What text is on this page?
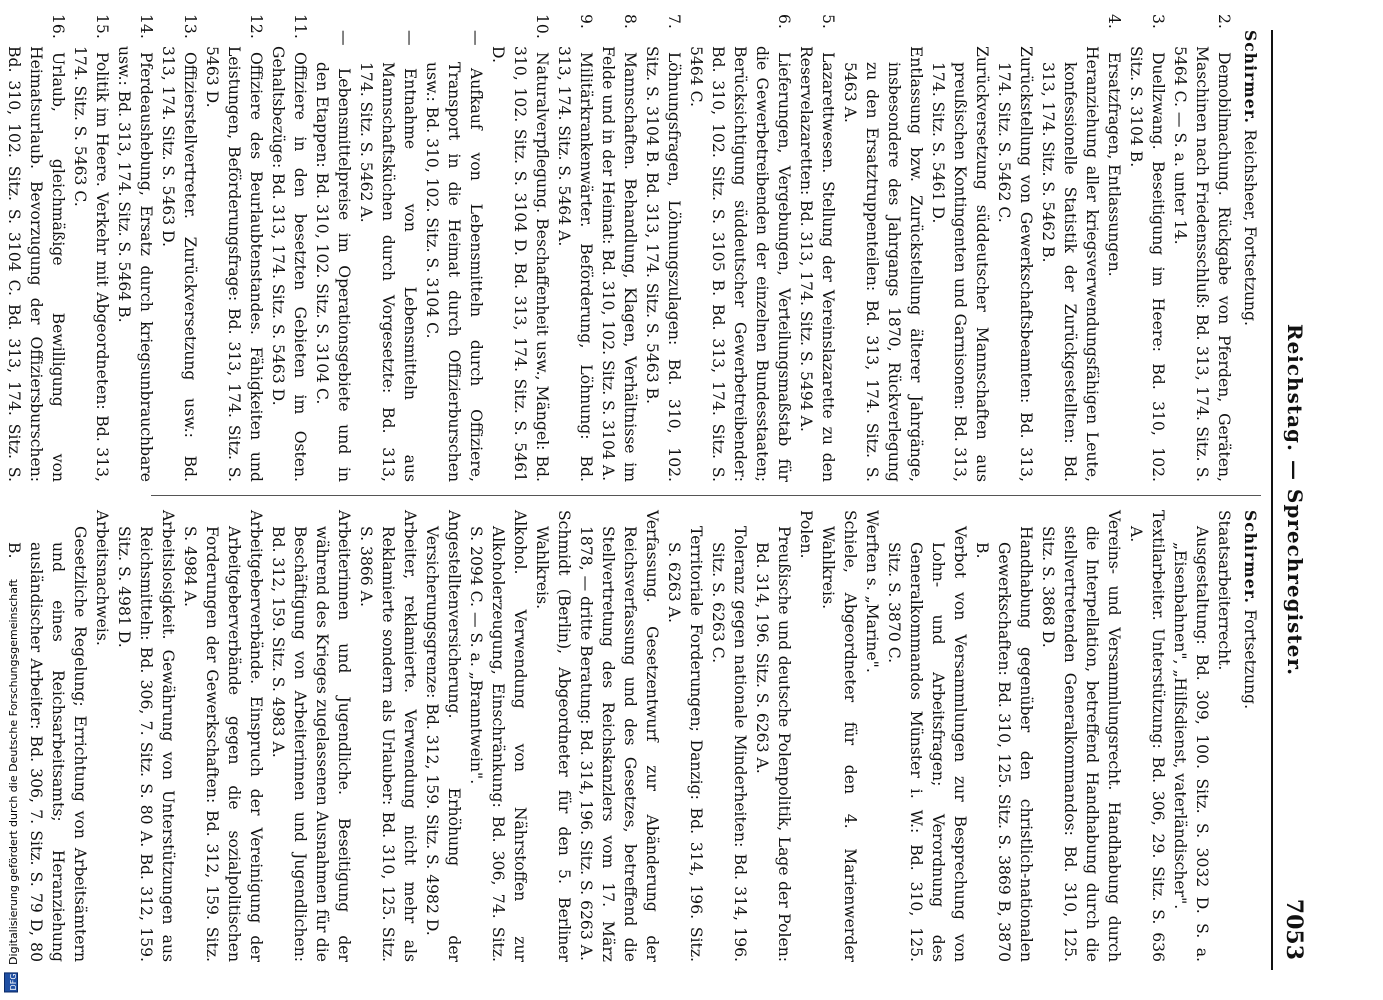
Reichstag. — Sprechregister.
7053
Schirmer. Reichsheer, Fortsetzung.

2.Demobilmachung. Rückgabe von Pferden, Geräten, Maschinen nach Friedensschluß: Bd. 313, 174. Sitz. S. 5464 C. — S. a. unter 14.

3.Duellzwang. Beseitigung im Heere: Bd. 310, 102. Sitz. S. 3104 B.

4.Ersatzfragen, Entlassungen.

Heranziehung aller kriegsverwendungsfähigen Leute, konfessionelle Statistik der Zurückgestellten: Bd. 313, 174. Sitz. S. 5462 B.

Zurückstellung von Gewerkschaftsbeamten: Bd. 313, 174. Sitz. S. 5462 C.

Zurückversetzung süddeutscher Mannschaften aus preußischen Kontingenten und Garnisonen: Bd. 313, 174. Sitz. S. 5461 D.

Entlassung bzw. Zurückstellung älterer Jahrgänge, insbesondere des Jahrgangs 1870, Rückverlegung zu den Ersatztruppenteilen: Bd. 313, 174. Sitz. S. 5463 A.

5.Lazarettwesen. Stellung der Vereinslazarette zu den Reservelazaretten: Bd. 313, 174. Sitz. S. 5494 A.

6.Lieferungen, Vergebungen, Verteilungsmaßstab für die Gewerbetreibenden der einzelnen Bundesstaaten; Berücksichtigung süddeutscher Gewerbetreibender: Bd. 310, 102. Sitz. S. 3105 B. Bd. 313, 174. Sitz. S. 5464 C.

7.Löhnungsfragen, Löhnungszulagen: Bd. 310, 102. Sitz. S. 3104 B. Bd. 313, 174. Sitz. S. 5463 B.

8.Mannschaften. Behandlung, Klagen, Verhältnisse im Felde und in der Heimat: Bd. 310, 102. Sitz. S. 3104 A.

9.Militärkrankenwärter. Beförderung, Löhnung: Bd. 313, 174. Sitz. S. 5464 A.

10.Naturalverpflegung. Beschaffenheit usw., Mängel: Bd. 310, 102. Sitz. S. 3104 D. Bd. 313, 174. Sitz. S. 5461 D.

—Aufkauf von Lebensmitteln durch Offiziere, Transport in die Heimat durch Offizierburschen usw.: Bd. 310, 102. Sitz. S. 3104 C.

—Entnahme von Lebensmitteln aus Mannschaftsküchen durch Vorgesetzte: Bd. 313, 174. Sitz. S. 5462 A.

—Lebensmittelpreise im Operationsgebiete und in den Etappen: Bd. 310, 102. Sitz. S. 3104 C.

11.Offiziere in den besetzten Gebieten im Osten. Gehaltsbezüge: Bd. 313, 174. Sitz. S. 5463 D.

12.Offiziere des Beurlaubtenstandes. Fähigkeiten und Leistungen, Beförderungsfrage: Bd. 313, 174. Sitz. S. 5463 D.

13.Offizierstellvertreter. Zurückversetzung usw.: Bd. 313, 174. Sitz. S. 5463 D.

14.Pferdeaushebung, Ersatz durch kriegsunbrauchbare usw.: Bd. 313, 174. Sitz. S. 5464 B.

15.Politik im Heere. Verkehr mit Abgeordneten: Bd. 313, 174. Sitz. S. 5463 C.

16.Urlaub, gleichmäßige Bewilligung von Heimatsurlaub. Bevorzugung der Offiziersburschen: Bd. 310, 102. Sitz. S. 3104 C. Bd. 313, 174. Sitz. S.

Schirmer. Fortsetzung.

Staatsarbeiterrecht.

Ausgestaltung: Bd. 309, 100. Sitz. S. 3032 D. S. a. „Eisenbahnen", „Hilfsdienst, vaterländischer".

Textilarbeiter. Unterstützung: Bd. 306, 29. Sitz. S. 636 A.

Vereins- und Versammlungsrecht. Handhabung durch die Interpellation, betreffend Handhabung durch die stellvertretenden Generalkommandos: Bd. 310, 125. Sitz. S. 3868 D.

Handhabung gegenüber den christlich-nationalen Gewerkschaften: Bd. 310, 125. Sitz. S. 3869 B, 3870 B.

Verbot von Versammlungen zur Besprechung von Lohn- und Arbeitsfragen; Verordnung des Generalkommandos Münster i. W.: Bd. 310, 125. Sitz. S. 3870 C.

Werften s. „Marine".

Schiele, Abgeordneter für den 4. Marienwerder Wahlkreis.

Polen.

Preußische und deutsche Polenpolitik, Lage der Polen: Bd. 314, 196. Sitz. S. 6263 A.

Toleranz gegen nationale Minderheiten: Bd. 314, 196. Sitz. S. 6263 C.

Territoriale Forderungen; Danzig: Bd. 314, 196. Sitz. S. 6263 A.

Verfassung. Gesetzentwurf zur Abänderung der Reichsverfassung und des Gesetzes, betreffend die Stellvertretung des Reichskanzlers vom 17. März 1878, — dritte Beratung: Bd. 314, 196. Sitz. S. 6263 A.

Schmidt (Berlin), Abgeordneter für den 5. Berliner Wahlkreis.

Alkohol. Verwendung von Nährstoffen zur Alkoholerzeugung, Einschränkung: Bd. 306, 74. Sitz. S. 2094 C. — S. a. „Branntwein".

Angestelltenversicherung. Erhöhung der Versicherungsgrenze: Bd. 312, 159. Sitz. S. 4982 D.

Arbeiter, reklamierte. Verwendung nicht mehr als Reklamierte sondern als Urlauber: Bd. 310, 125. Sitz. S. 3866 A.

Arbeiterinnen und Jugendliche. Beseitigung der während des Krieges zugelassenen Ausnahmen für die Beschäftigung von Arbeiterinnen und Jugendlichen: Bd. 312, 159. Sitz. S. 4983 A.

Arbeitgeberverbände. Einspruch der Vereinigung der Arbeitgeberverbände gegen die sozialpolitischen Forderungen der Gewerkschaften: Bd. 312, 159. Sitz. S. 4984 A.

Arbeitslosigkeit. Gewährung von Unterstützungen aus Reichsmitteln: Bd. 306, 7. Sitz. S. 80 A. Bd. 312, 159. Sitz. S. 4981 D.

Arbeitsnachweis.

Gesetzliche Regelung; Errichtung von Arbeitsämtern und eines Reichsarbeitsamts; Heranziehung ausländischer Arbeiter: Bd. 306, 7. Sitz. S. 79 D, 80 B.

DFG Digitalisierung gefördert durch die Deutsche Forschungsgemeinschaft
